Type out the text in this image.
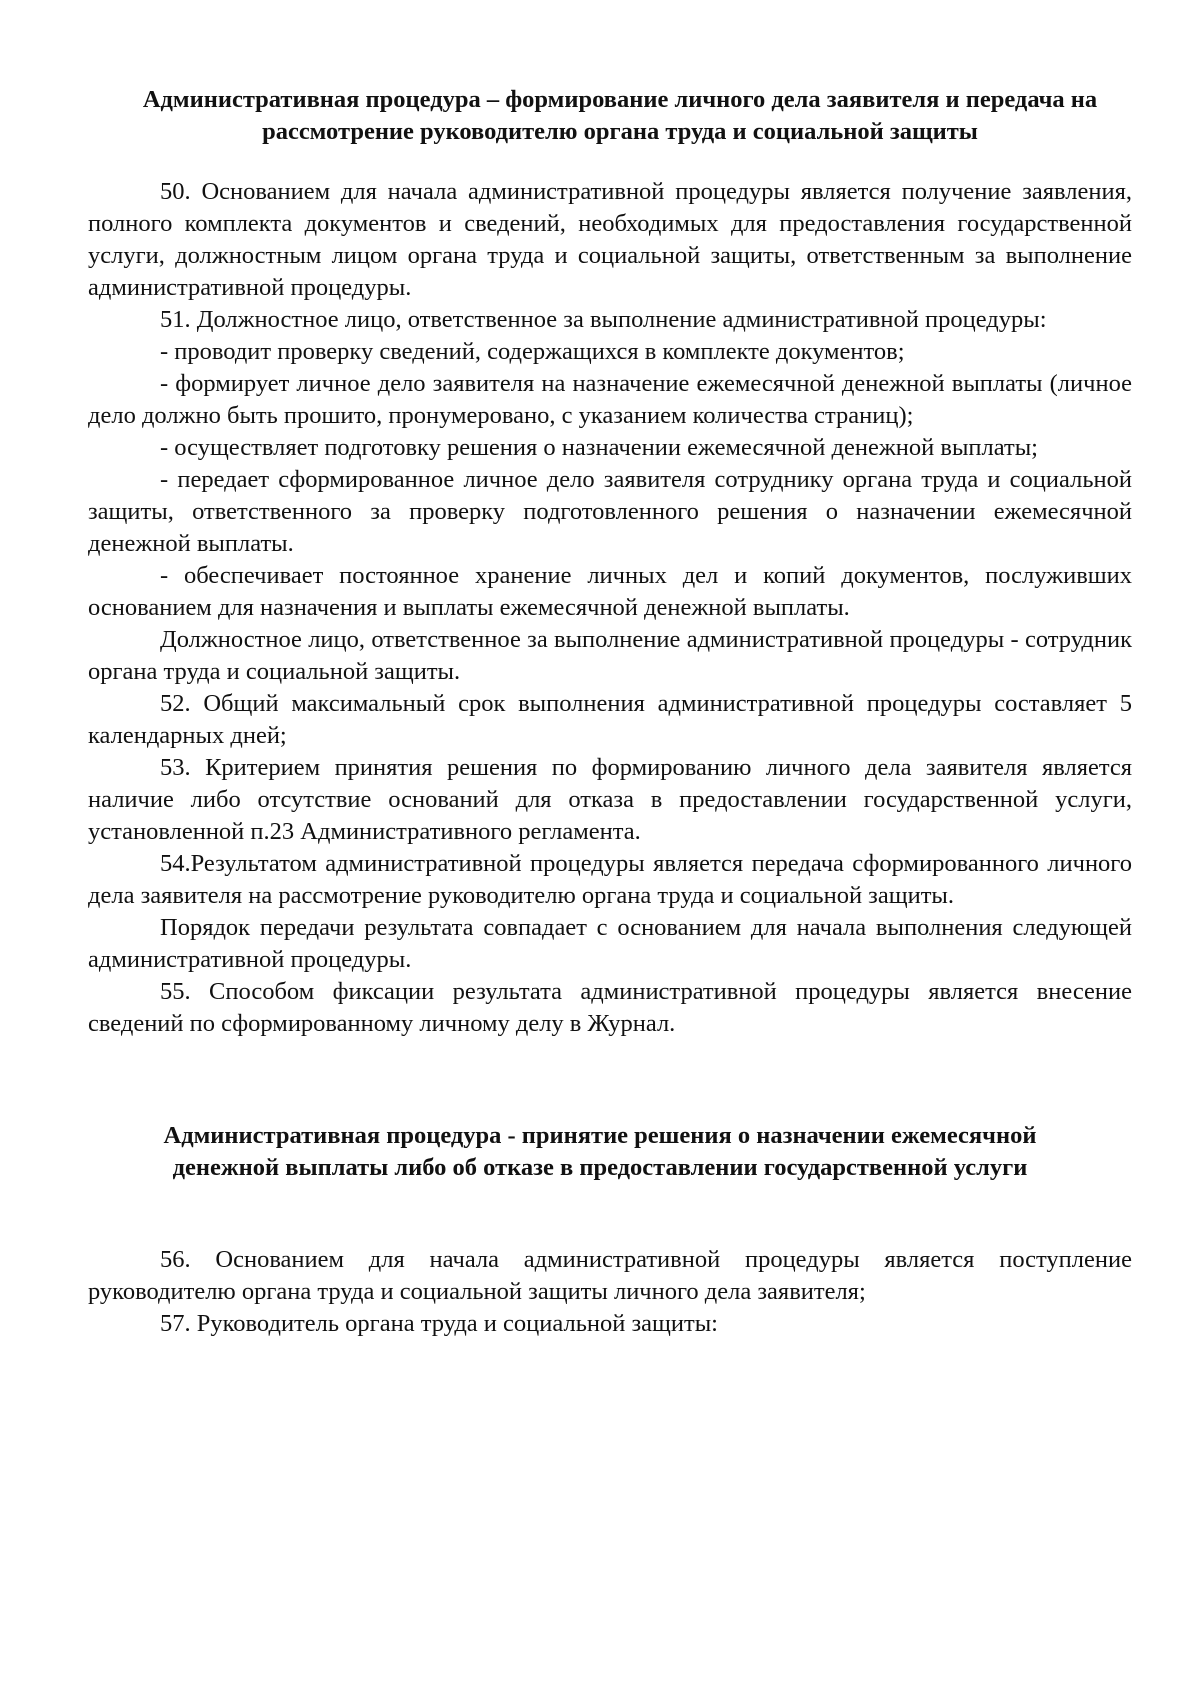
Административная процедура – формирование личного дела заявителя и передача на рассмотрение руководителю органа труда и социальной защиты

50. Основанием для начала административной процедуры является получение заявления, полного комплекта документов и сведений, необходимых для предоставления государственной услуги, должностным лицом органа труда и социальной защиты, ответственным за выполнение административной процедуры.

51. Должностное лицо, ответственное за выполнение административной процедуры:

- проводит проверку сведений, содержащихся в комплекте документов;

- формирует личное дело заявителя на назначение ежемесячной денежной выплаты (личное дело должно быть прошито, пронумеровано, с указанием количества страниц);

- осуществляет подготовку решения о назначении ежемесячной денежной выплаты;

- передает сформированное личное дело заявителя сотруднику органа труда и социальной защиты, ответственного за проверку подготовленного решения о назначении ежемесячной денежной выплаты.

- обеспечивает постоянное хранение личных дел и копий документов, послуживших основанием для назначения и выплаты ежемесячной денежной выплаты.

Должностное лицо, ответственное за выполнение административной процедуры - сотрудник органа труда и социальной защиты.

52. Общий максимальный срок выполнения административной процедуры составляет 5 календарных дней;

53. Критерием принятия решения по формированию личного дела заявителя является наличие либо отсутствие оснований для отказа в предоставлении государственной услуги, установленной п.23 Административного регламента.

54.Результатом административной процедуры является передача сформированного личного дела заявителя на рассмотрение руководителю органа труда и социальной защиты.

Порядок передачи результата совпадает с основанием для начала выполнения следующей административной процедуры.

55. Способом фиксации результата административной процедуры является внесение сведений по сформированному личному делу в Журнал.

Административная процедура - принятие решения о назначении ежемесячной денежной выплаты либо об отказе в предоставлении государственной услуги

56. Основанием для начала административной процедуры является поступление руководителю органа труда и социальной защиты личного дела заявителя;

57. Руководитель органа труда и социальной защиты:
